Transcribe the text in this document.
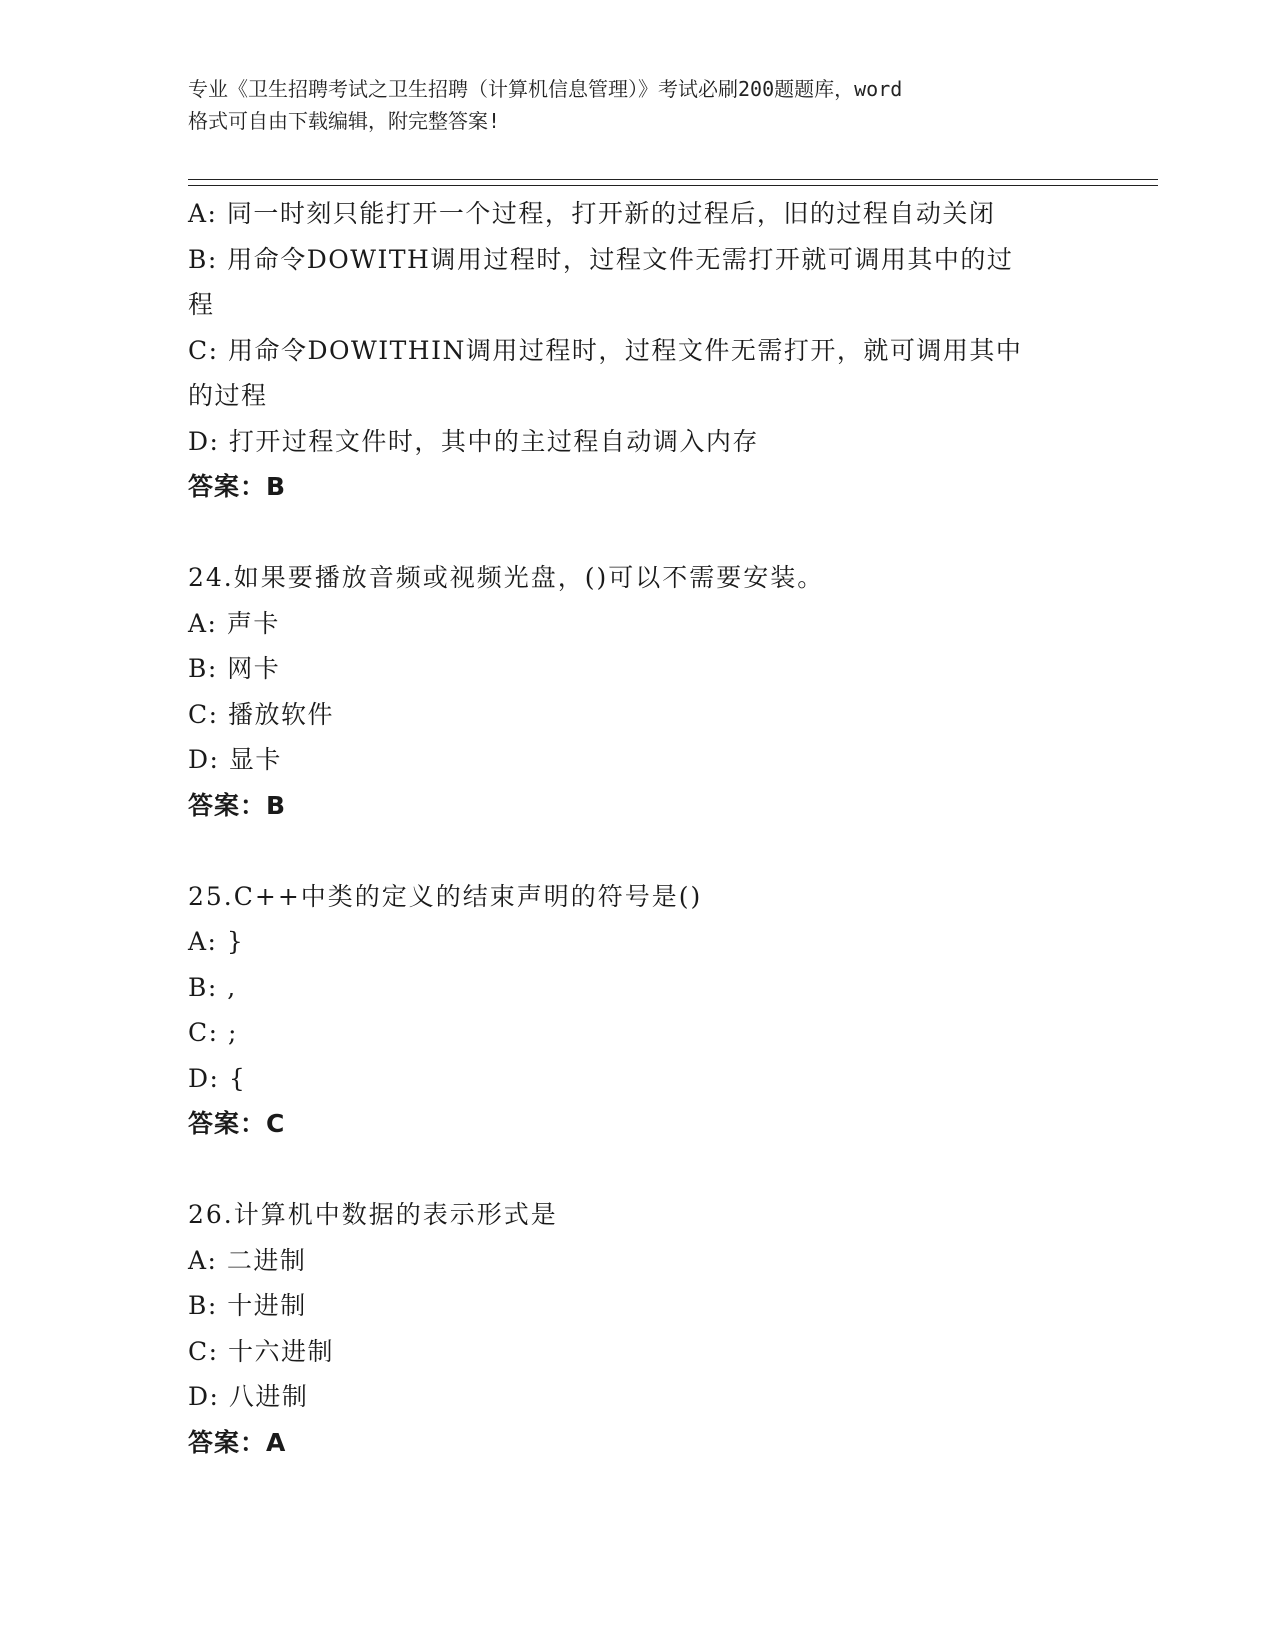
专业《卫生招聘考试之卫生招聘（计算机信息管理）》考试必刷200题题库，word
格式可自由下载编辑，附完整答案!
A: 同一时刻只能打开一个过程，打开新的过程后，旧的过程自动关闭
B: 用命令DOWITH调用过程时，过程文件无需打开就可调用其中的过
程
C: 用命令DOWITHIN调用过程时，过程文件无需打开，就可调用其中
的过程
D: 打开过程文件时，其中的主过程自动调入内存
答案：B
24.如果要播放音频或视频光盘，()可以不需要安装。
A: 声卡
B: 网卡
C: 播放软件
D: 显卡
答案：B
25.C++中类的定义的结束声明的符号是()
A: }
B: ,
C: ;
D: {
答案：C
26.计算机中数据的表示形式是
A: 二进制
B: 十进制
C: 十六进制
D: 八进制
答案：A
